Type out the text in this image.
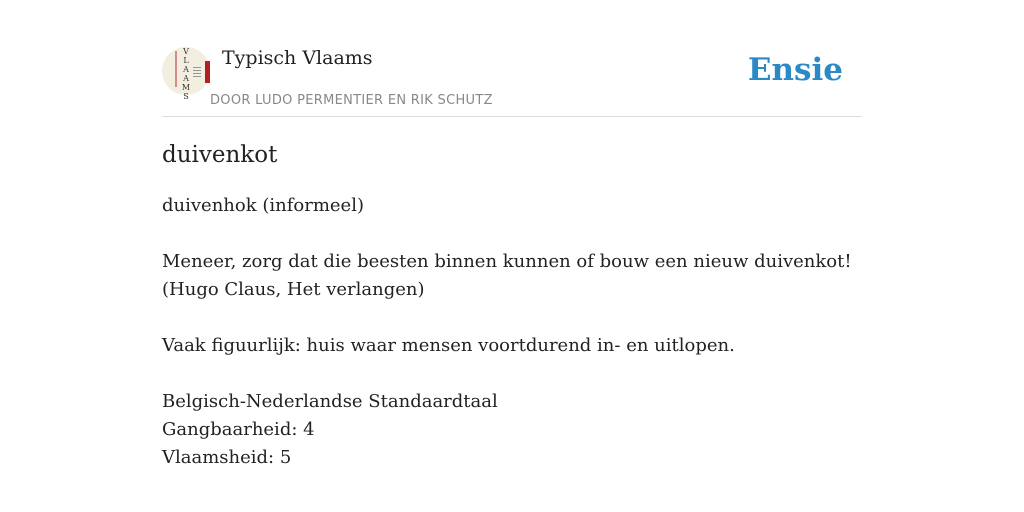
V
L
A
A
M
S
Typisch Vlaams
DOOR LUDO PERMENTIER EN RIK SCHUTZ
Ensie
duivenkot
duivenhok (informeel)
Meneer, zorg dat die beesten binnen kunnen of bouw een nieuw duivenkot!
(Hugo Claus, Het verlangen)
Vaak figuurlijk: huis waar mensen voortdurend in- en uitlopen.
Belgisch-Nederlandse Standaardtaal
Gangbaarheid: 4
Vlaamsheid: 5
